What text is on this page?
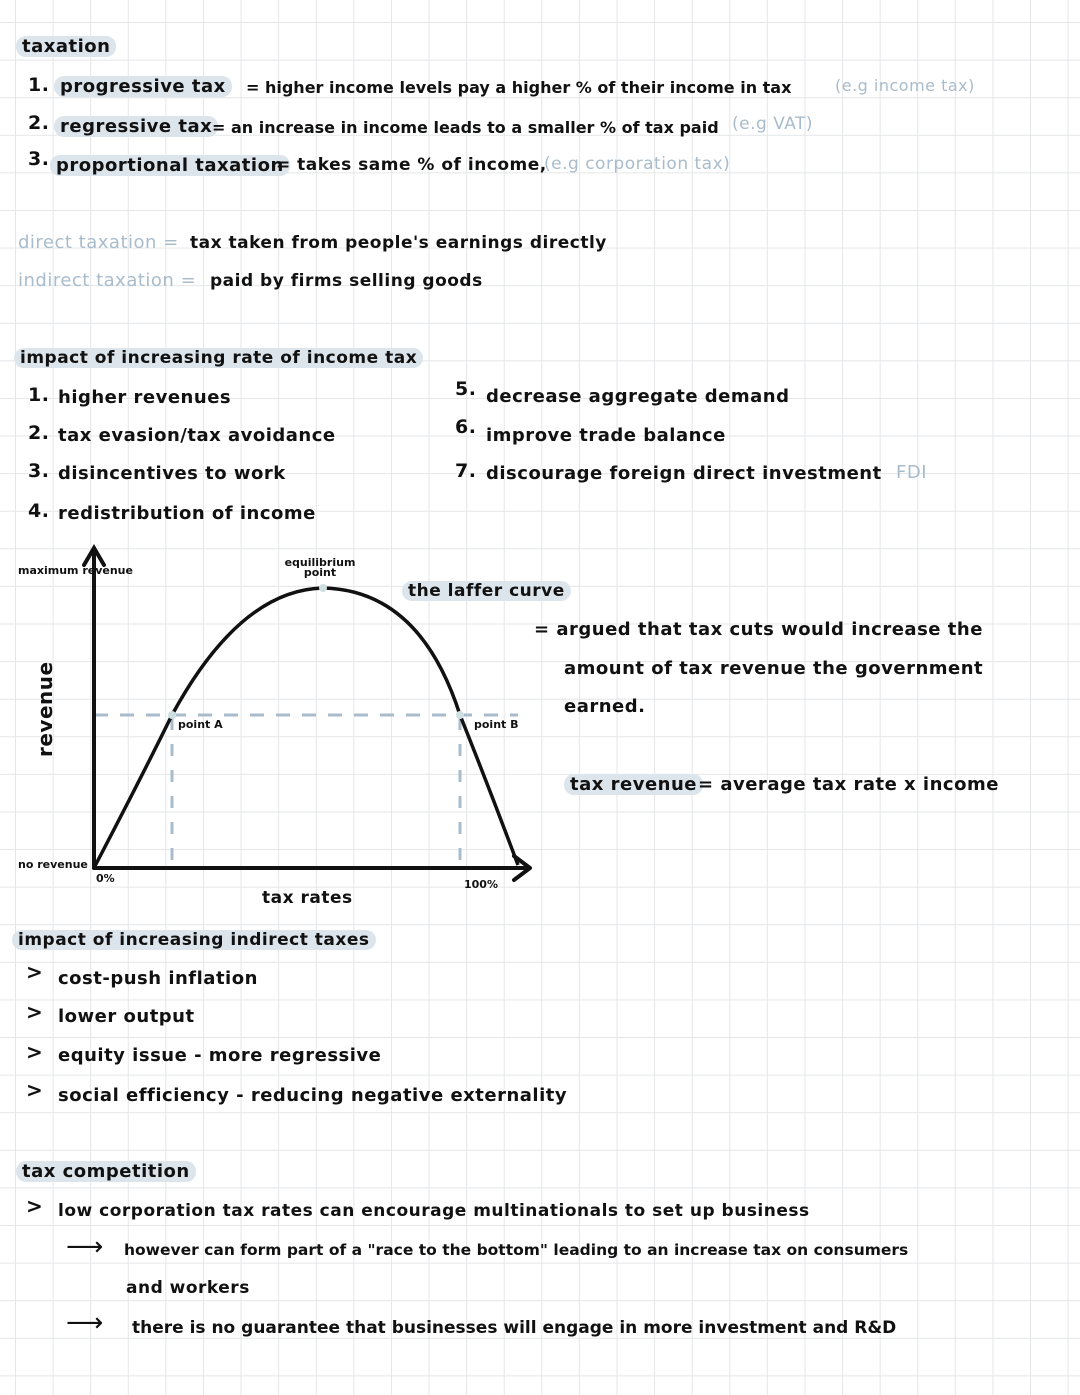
taxation
1. progressive tax	= higher income levels pay a higher % of their income in tax	(e.g income tax)
2. regressive tax = an increase in income leads to a smaller % of tax paid (e.g VAT)
3. proportional taxation
= takes same % of income,
(e.g corporation tax)
direct taxation = tax taken from people's earnings directly
indirect taxation = paid by firms selling goods
impact of increasing rate of income tax
1. higher revenues
2. tax evasion/tax avoidance
3. disincentives to work
4. redistribution of income
5. decrease aggregate demand
6. improve trade balance
7. discourage foreign direct investment FDI
maximum revenue
no revenue
0%	100%
equilibrium point
point A	point B
revenue
tax rates
the laffer curve
= argued that tax cuts would increase the
amount of tax revenue the government
earned.
tax revenue = average tax rate x income
impact of increasing indirect taxes
> cost-push inflation
> lower output
> equity issue - more regressive
> social efficiency - reducing negative externality
tax competition
> low corporation tax rates can encourage multinationals to set up business
⟶ however can form part of a "race to the bottom" leading to an increase tax on consumers
and workers
⟶ there is no guarantee that businesses will engage in more investment and R&D
